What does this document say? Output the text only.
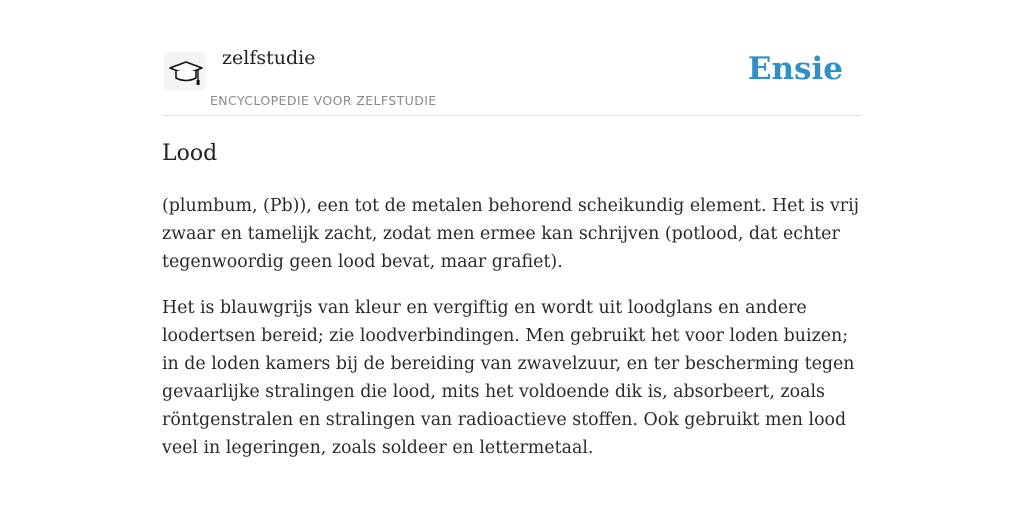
zelfstudie
ENCYCLOPEDIE VOOR ZELFSTUDIE
Ensie
Lood

(plumbum, (Pb)), een tot de metalen behorend scheikundig element. Het is vrij zwaar en tamelijk zacht, zodat men ermee kan schrijven (potlood, dat echter tegenwoordig geen lood bevat, maar grafiet).

Het is blauwgrijs van kleur en vergiftig en wordt uit loodglans en andere loodertsen bereid; zie loodverbindingen. Men gebruikt het voor loden buizen; in de loden kamers bij de bereiding van zwavelzuur, en ter bescherming tegen gevaarlijke stralingen die lood, mits het voldoende dik is, absorbeert, zoals röntgenstralen en stralingen van radioactieve stoffen. Ook gebruikt men lood veel in legeringen, zoals soldeer en lettermetaal.
